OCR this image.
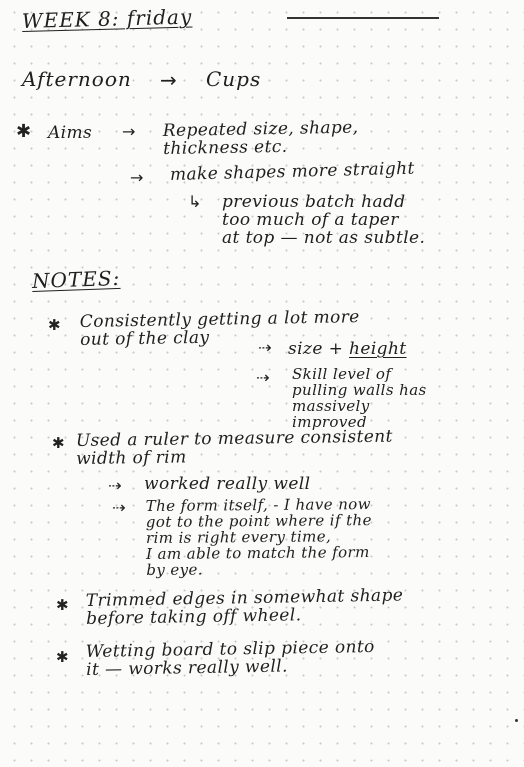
WEEK 8: friday
Afternoon → Cups
✱ Aims → Repeated size, shape,
thickness etc.
→ make shapes more straight
↳ previous batch hadd
too much of a taper
at top — not as subtle.
NOTES:
✱ Consistently getting a lot more
out of the clay	⇢ size + height
⇢ Skill level of
pulling walls has
massively
improved
✱ Used a ruler to measure consistent
width of rim
⇢ worked really well
⇢ The form itself, - I have now
got to the point where if the
rim is right every time,
I am able to match the form
by eye.
✱ Trimmed edges in somewhat shape
before taking off wheel.
✱ Wetting board to slip piece onto
it — works really well.
